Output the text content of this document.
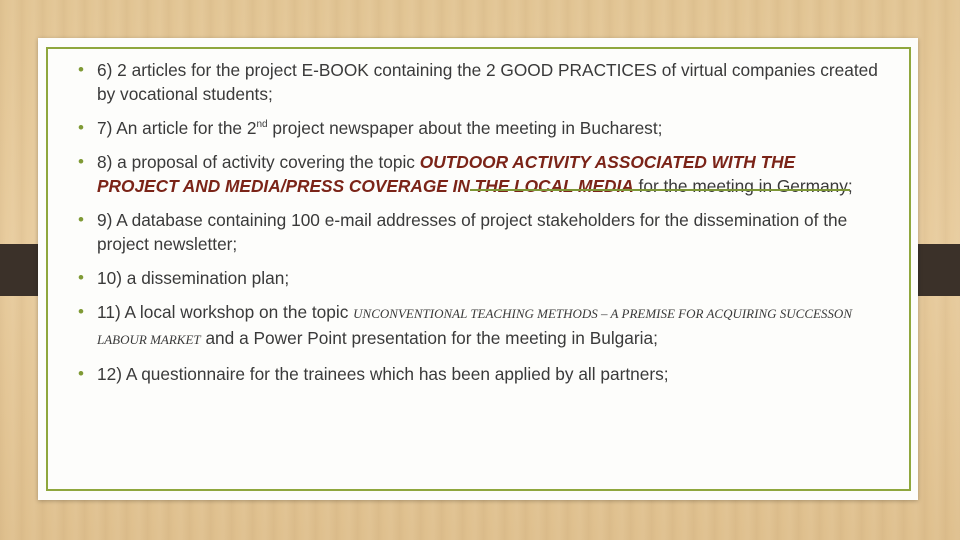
• 6) 2 articles for the project E-BOOK containing the 2 GOOD PRACTICES of virtual companies created by vocational students;
• 7) An article for the 2nd project newspaper about the meeting in Bucharest;
• 8) a proposal of activity covering the topic OUTDOOR ACTIVITY ASSOCIATED WITH THE PROJECT AND MEDIA/PRESS COVERAGE IN THE LOCAL MEDIA for the meeting in Germany;
• 9) A database containing 100 e-mail addresses of project stakeholders for the dissemination of the project newsletter;
• 10) a dissemination plan;
• 11) A local workshop on the topic UNCONVENTIONAL TEACHING METHODS – A PREMISE FOR ACQUIRING SUCCESSON LABOUR MARKET and a Power Point presentation for the meeting in Bulgaria;
• 12) A questionnaire for the trainees which has been applied by all partners;
